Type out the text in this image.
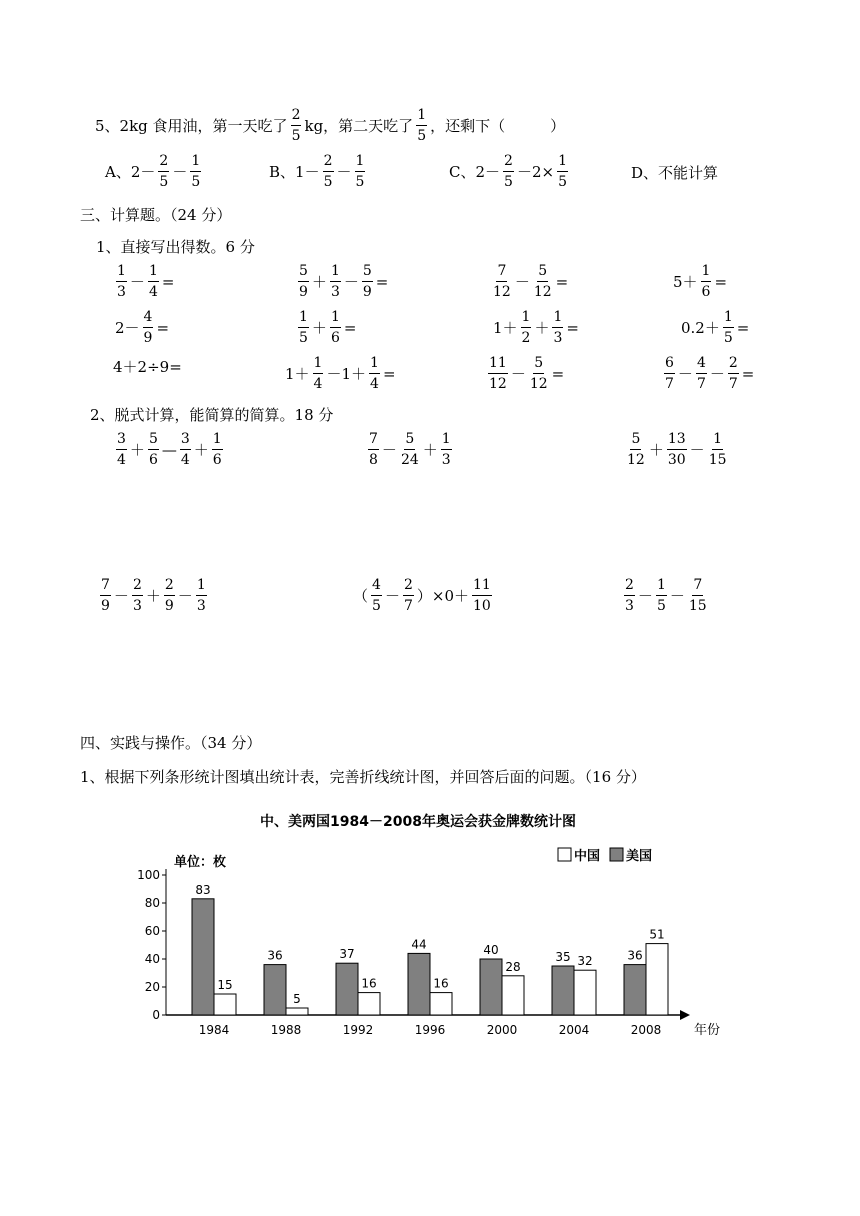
5、2kg 食用油，第一天吃了 $\frac{2}{5}$ kg，第二天吃了 $\frac{1}{5}$ ，还剩下（　　　）
A、$2- \frac{2}{5} - \frac{1}{5}$	B、$1- \frac{2}{5} - \frac{1}{5}$	C、$2- \frac{2}{5} -2\times \frac{1}{5}$	D、不能计算
三、计算题。（24 分）
1、直接写出得数。6 分
$\frac{1}{3} - \frac{1}{4}$ =	$\frac{5}{9} + \frac{1}{3} - \frac{5}{9}$ =	$\frac{7}{12} - \frac{5}{12}$ =	$5+ \frac{1}{6}$ =
$2- \frac{4}{9}$ =	$\frac{1}{5} + \frac{1}{6}$ =	$1+ \frac{1}{2} + \frac{1}{3}$ =	$0.2+ \frac{1}{5}$ =
4＋2÷9=	$1+ \frac{1}{4} -1+ \frac{1}{4}$ =	$\frac{11}{12} - \frac{5}{12}$ =	$\frac{6}{7} - \frac{4}{7} - \frac{2}{7}$ =
2、脱式计算，能简算的简算。18 分
$\frac{3}{4} + \frac{5}{6}$ — $\frac{3}{4} + \frac{1}{6}$	$\frac{7}{8} - \frac{5}{24} + \frac{1}{3}$	$\frac{5}{12} + \frac{13}{30} - \frac{1}{15}$
$\frac{7}{9} - \frac{2}{3} + \frac{2}{9} - \frac{1}{3}$	（ $\frac{4}{5} - \frac{2}{7} )\times 0+ \frac{11}{10}$	$\frac{2}{3} - \frac{1}{5} - \frac{7}{15}$
四、实践与操作。（34 分）
1、根据下列条形统计图填出统计表，完善折线统计图，并回答后面的问题。（16 分）
中、美两国1984－2008年奥运会获金牌数统计图
单位：枚	中国 美国
0
20
40
60
80
100
年份
83
15
1984
36
5
1988
37
16
1992
44
16
1996
40
28
2000
35 32
2004
36
51
2008
